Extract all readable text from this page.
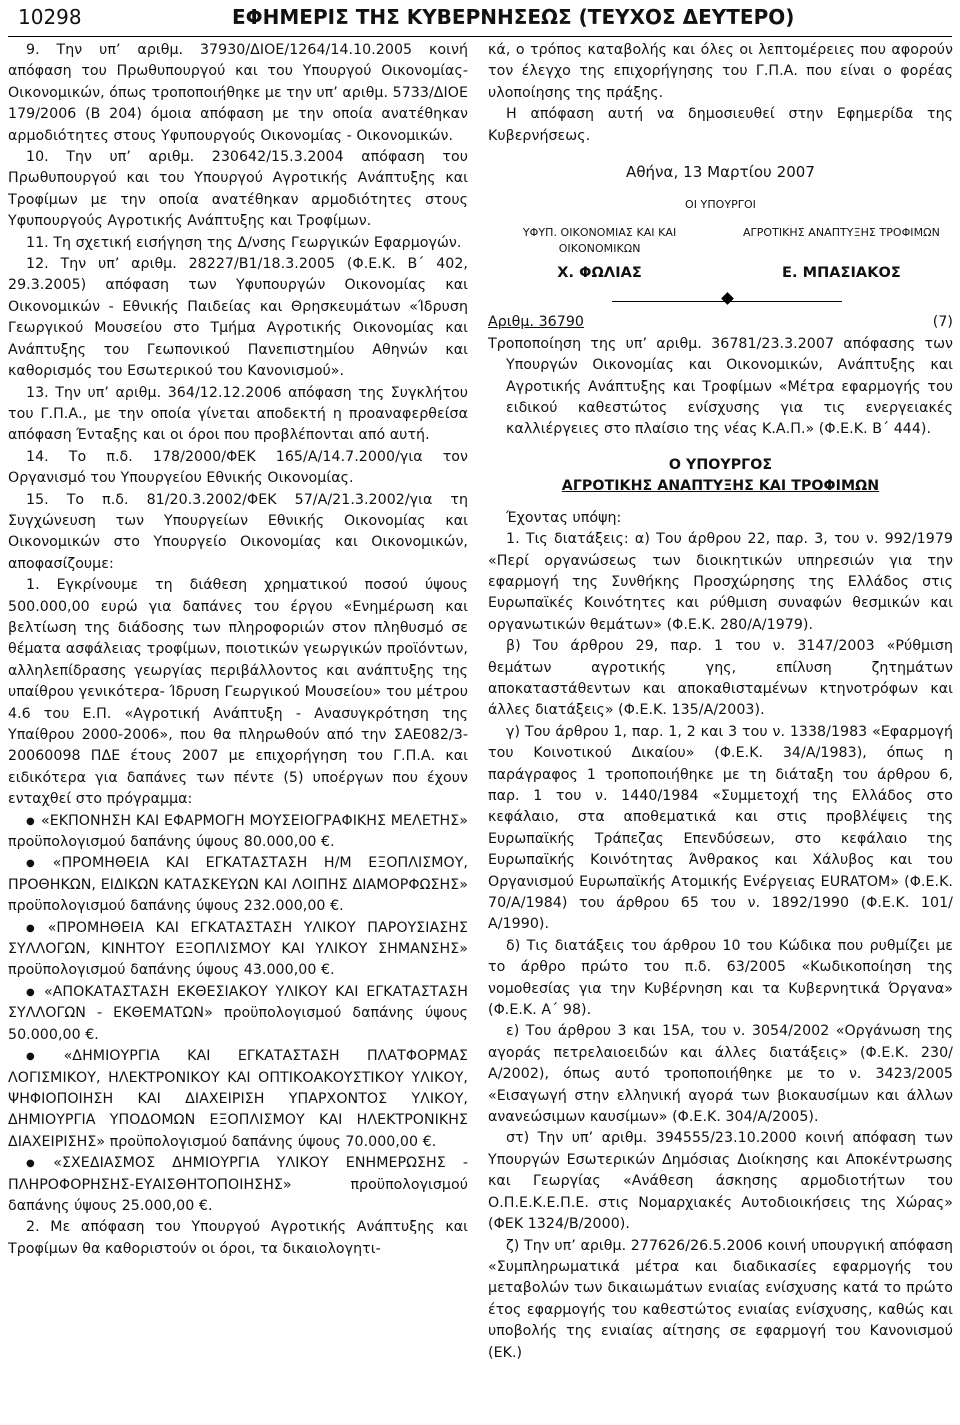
10298	ΕΦΗΜΕΡΙΣ ΤΗΣ ΚΥΒΕΡΝΗΣΕΩΣ (ΤΕΥΧΟΣ ΔΕΥΤΕΡΟ)

9. Την υπ’ αριθμ. 37930/ΔΙΟΕ/1264/14.10.2005 κοινή απόφαση του Πρωθυπουργού και του Υπουργού Οικονομίας-Οικονομικών, όπως τροποποιήθηκε με την υπ’ αριθμ. 5733/ΔΙΟΕ 179/2006 (Β 204) όμοια απόφαση με την οποία ανατέθηκαν αρμοδιότητες στους Υφυπουργούς Οικονομίας - Οικονομικών.

10. Την υπ’ αριθμ. 230642/15.3.2004 απόφαση του Πρωθυπουργού και του Υπουργού Αγροτικής Ανάπτυξης και Τροφίμων με την οποία ανατέθηκαν αρμοδιότητες στους Υφυπουργούς Αγροτικής Ανάπτυξης και Τροφίμων.

11. Τη σχετική εισήγηση της Δ/νσης Γεωργικών Εφαρμογών.

12. Την υπ’ αριθμ. 28227/Β1/18.3.2005 (Φ.Ε.Κ. Β΄ 402, 29.3.2005) απόφαση των Υφυπουργών Οικονομίας και Οικονομικών - Εθνικής Παιδείας και Θρησκευμάτων «Ίδρυση Γεωργικού Μουσείου στο Τμήμα Αγροτικής Οικονομίας και Ανάπτυξης του Γεωπονικού Πανεπιστημίου Αθηνών και καθορισμός του Εσωτερικού του Κανονισμού».

13. Την υπ’ αριθμ. 364/12.12.2006 απόφαση της Συγκλήτου του Γ.Π.Α., με την οποία γίνεται αποδεκτή η προαναφερθείσα απόφαση Ένταξης και οι όροι που προβλέπονται από αυτή.

14. Το π.δ. 178/2000/ΦΕΚ 165/Α/14.7.2000/για τον Οργανισμό του Υπουργείου Εθνικής Οικονομίας.

15. Το π.δ. 81/20.3.2002/ΦΕΚ 57/Α/21.3.2002/για τη Συγχώνευση των Υπουργείων Εθνικής Οικονομίας και Οικονομικών στο Υπουργείο Οικονομίας και Οικονομικών, αποφασίζουμε:

1. Εγκρίνουμε τη διάθεση χρηματικού ποσού ύψους 500.000,00 ευρώ για δαπάνες του έργου «Ενημέρωση και βελτίωση της διάδοσης των πληροφοριών στον πληθυσμό σε θέματα ασφάλειας τροφίμων, ποιοτικών γεωργικών προϊόντων, αλληλεπίδρασης γεωργίας περιβάλλοντος και ανάπτυξης της υπαίθρου γενικότερα- Ίδρυση Γεωργικού Μουσείου» του μέτρου 4.6 του Ε.Π. «Αγροτική Ανάπτυξη - Ανασυγκρότηση της Υπαίθρου 2000-2006», που θα πληρωθούν από την ΣΑΕ082/3-20060098 ΠΔΕ έτους 2007 με επιχορήγηση του Γ.Π.Α. και ειδικότερα για δαπάνες των πέντε (5) υποέργων που έχουν ενταχθεί στο πρόγραμμα:

● «ΕΚΠΟΝΗΣΗ ΚΑΙ ΕΦΑΡΜΟΓΗ ΜΟΥΣΕΙΟΓΡΑΦΙΚΗΣ ΜΕΛΕΤΗΣ» προϋπολογισμού δαπάνης ύψους 80.000,00 €.

● «ΠΡΟΜΗΘΕΙΑ ΚΑΙ ΕΓΚΑΤΑΣΤΑΣΗ Η/Μ ΕΞΟΠΛΙΣΜΟΥ, ΠΡΟΘΗΚΩΝ, ΕΙΔΙΚΩΝ ΚΑΤΑΣΚΕΥΩΝ ΚΑΙ ΛΟΙΠΗΣ ΔΙΑΜΟΡΦΩΣΗΣ» προϋπολογισμού δαπάνης ύψους 232.000,00 €.

● «ΠΡΟΜΗΘΕΙΑ ΚΑΙ ΕΓΚΑΤΑΣΤΑΣΗ ΥΛΙΚΟΥ ΠΑΡΟΥΣΙΑΣΗΣ ΣΥΛΛΟΓΩΝ, ΚΙΝΗΤΟΥ ΕΞΟΠΛΙΣΜΟΥ ΚΑΙ ΥΛΙΚΟΥ ΣΗΜΑΝΣΗΣ» προϋπολογισμού δαπάνης ύψους 43.000,00 €.

● «ΑΠΟΚΑΤΑΣΤΑΣΗ ΕΚΘΕΣΙΑΚΟΥ ΥΛΙΚΟΥ ΚΑΙ ΕΓΚΑΤΑΣΤΑΣΗ ΣΥΛΛΟΓΩΝ - ΕΚΘΕΜΑΤΩΝ» προϋπολογισμού δαπάνης ύψους 50.000,00 €.

● «ΔΗΜΙΟΥΡΓΙΑ ΚΑΙ ΕΓΚΑΤΑΣΤΑΣΗ ΠΛΑΤΦΟΡΜΑΣ ΛΟΓΙΣΜΙΚΟΥ, ΗΛΕΚΤΡΟΝΙΚΟΥ ΚΑΙ ΟΠΤΙΚΟΑΚΟΥΣΤΙΚΟΥ ΥΛΙΚΟΥ, ΨΗΦΙΟΠΟΙΗΣΗ ΚΑΙ ΔΙΑΧΕΙΡΙΣΗ ΥΠΑΡΧΟΝΤΟΣ ΥΛΙΚΟΥ, ΔΗΜΙΟΥΡΓΙΑ ΥΠΟΔΟΜΩΝ ΕΞΟΠΛΙΣΜΟΥ ΚΑΙ ΗΛΕΚΤΡΟΝΙΚΗΣ ΔΙΑΧΕΙΡΙΣΗΣ» προϋπολογισμού δαπάνης ύψους 70.000,00 €.

● «ΣΧΕΔΙΑΣΜΟΣ ΔΗΜΙΟΥΡΓΙΑ ΥΛΙΚΟΥ ΕΝΗΜΕΡΩΣΗΣ - ΠΛΗΡΟΦΟΡΗΣΗΣ-ΕΥΑΙΣΘΗΤΟΠΟΙΗΣΗΣ» προϋπολογισμού δαπάνης ύψους 25.000,00 €.

2. Με απόφαση του Υπουργού Αγροτικής Ανάπτυξης και Τροφίμων θα καθοριστούν οι όροι, τα δικαιολογητι-

κά, ο τρόπος καταβολής και όλες οι λεπτομέρειες που αφορούν τον έλεγχο της επιχορήγησης του Γ.Π.Α. που είναι ο φορέας υλοποίησης της πράξης.

Η απόφαση αυτή να δημοσιευθεί στην Εφημερίδα της Κυβερνήσεως.

Αθήνα, 13 Μαρτίου 2007
ΟΙ ΥΠΟΥΡΓΟΙ
ΥΦΥΠ. ΟΙΚΟΝΟΜΙΑΣ ΚΑΙ ΚΑΙ ΟΙΚΟΝΟΜΙΚΩΝ
ΑΓΡΟΤΙΚΗΣ ΑΝΑΠΤΥΞΗΣ ΤΡΟΦΙΜΩΝ
Χ. ΦΩΛΙΑΣ	Ε. ΜΠΑΣΙΑΚΟΣ
Αριθμ. 36790	(7)

Τροποποίηση της υπ’ αριθμ. 36781/23.3.2007 απόφασης των Υπουργών Οικονομίας και Οικονομικών, Ανάπτυξης και Αγροτικής Ανάπτυξης και Τροφίμων «Μέτρα εφαρμογής του ειδικού καθεστώτος ενίσχυσης για τις ενεργειακές καλλιέργειες στο πλαίσιο της νέας Κ.Α.Π.» (Φ.Ε.Κ. Β΄ 444).

Ο ΥΠΟΥΡΓΟΣ

ΑΓΡΟΤΙΚΗΣ ΑΝΑΠΤΥΞΗΣ ΚΑΙ ΤΡΟΦΙΜΩΝ

Έχοντας υπόψη:

1. Τις διατάξεις: α) Του άρθρου 22, παρ. 3, του ν. 992/1979 «Περί οργανώσεως των διοικητικών υπηρεσιών για την εφαρμογή της Συνθήκης Προσχώρησης της Ελλάδος στις Ευρωπαϊκές Κοινότητες και ρύθμιση συναφών θεσμικών και οργανωτικών θεμάτων» (Φ.Ε.Κ. 280/Α/1979).

β) Του άρθρου 29, παρ. 1 του ν. 3147/2003 «Ρύθμιση θεμάτων αγροτικής γης, επίλυση ζητημάτων αποκαταστάθεντων και αποκαθισταμένων κτηνοτρόφων και άλλες διατάξεις» (Φ.Ε.Κ. 135/Α/2003).

γ) Του άρθρου 1, παρ. 1, 2 και 3 του ν. 1338/1983 «Εφαρμογή του Κοινοτικού Δικαίου» (Φ.Ε.Κ. 34/Α/1983), όπως η παράγραφος 1 τροποποιήθηκε με τη διάταξη του άρθρου 6, παρ. 1 του ν. 1440/1984 «Συμμετοχή της Ελλάδος στο κεφάλαιο, στα αποθεματικά και στις προβλέψεις της Ευρωπαϊκής Τράπεζας Επενδύσεων, στο κεφάλαιο της Ευρωπαϊκής Κοινότητας Άνθρακος και Χάλυβος και του Οργανισμού Ευρωπαϊκής Ατομικής Ενέργειας EURATOM» (Φ.Ε.Κ. 70/Α/1984) του άρθρου 65 του ν. 1892/1990 (Φ.Ε.Κ. 101/Α/1990).

δ) Τις διατάξεις του άρθρου 10 του Κώδικα που ρυθμίζει με το άρθρο πρώτο του π.δ. 63/2005 «Κωδικοποίηση της νομοθεσίας για την Κυβέρνηση και τα Κυβερνητικά Όργανα» (Φ.Ε.Κ. Α΄ 98).

ε) Του άρθρου 3 και 15Α, του ν. 3054/2002 «Οργάνωση της αγοράς πετρελαιοειδών και άλλες διατάξεις» (Φ.Ε.Κ. 230/Α/2002), όπως αυτό τροποποιήθηκε με το ν. 3423/2005 «Εισαγωγή στην ελληνική αγορά των βιοκαυσίμων και άλλων ανανεώσιμων καυσίμων» (Φ.Ε.Κ. 304/Α/2005).

στ) Την υπ’ αριθμ. 394555/23.10.2000 κοινή απόφαση των Υπουργών Εσωτερικών Δημόσιας Διοίκησης και Αποκέντρωσης και Γεωργίας «Ανάθεση άσκησης αρμοδιοτήτων του Ο.Π.Ε.Κ.Ε.Π.Ε. στις Νομαρχιακές Αυτοδιοικήσεις της Χώρας» (ΦΕΚ 1324/Β/2000).

ζ) Την υπ’ αριθμ. 277626/26.5.2006 κοινή υπουργική απόφαση «Συμπληρωματικά μέτρα και διαδικασίες εφαρμογής του μεταβολών των δικαιωμάτων ενιαίας ενίσχυσης κατά το πρώτο έτος εφαρμογής του καθεστώτος ενιαίας ενίσχυσης, καθώς και υποβολής της ενιαίας αίτησης σε εφαρμογή του Κανονισμού (ΕΚ.)
